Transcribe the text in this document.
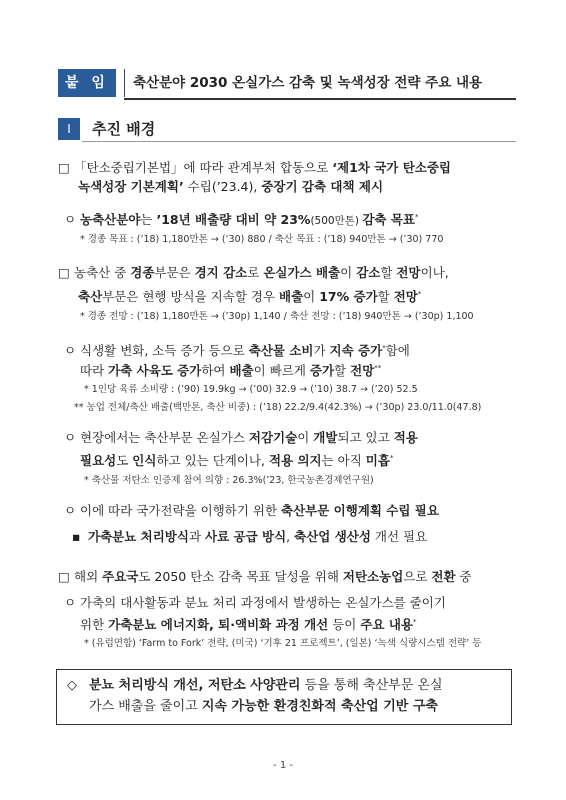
붙 임	축산분야 2030 온실가스 감축 및 녹색성장 전략 주요 내용
Ⅰ	추진 배경
□ 「탄소중립기본법」에 따라 관계부처 합동으로 ‘제1차 국가 탄소중립
녹색성장 기본계획’ 수립(’23.4), 중장기 감축 대책 제시
ㅇ 농축산분야는 ’18년 배출량 대비 약 23%(500만톤) 감축 목표*
* 경종 목표 : (’18) 1,180만톤 → (’30) 880 / 축산 목표 : (’18) 940만톤 → (’30) 770
□ 농축산 중 경종부문은 경지 감소로 온실가스 배출이 감소할 전망이나,
축산부문은 현행 방식을 지속할 경우 배출이 17% 증가할 전망*
* 경종 전망 : (’18) 1,180만톤 → (’30p) 1,140 / 축산 전망 : (’18) 940만톤 → (’30p) 1,100
ㅇ 식생활 변화, 소득 증가 등으로 축산물 소비가 지속 증가*함에
따라 가축 사육도 증가하여 배출이 빠르게 증가할 전망**
* 1인당 육류 소비량 : (’90) 19.9kg → (’00) 32.9 → (’10) 38.7 → (’20) 52.5
** 농업 전체/축산 배출(백만톤, 축산 비중) : (’18) 22.2/9.4(42.3%) → (’30p) 23.0/11.0(47.8)
ㅇ 현장에서는 축산부문 온실가스 저감기술이 개발되고 있고 적용
필요성도 인식하고 있는 단계이나, 적용 의지는 아직 미흡*
* 축산물 저탄소 인증제 참여 의향 : 26.3%(’23, 한국농촌경제연구원)
ㅇ 이에 따라 국가전략을 이행하기 위한 축산부문 이행계획 수립 필요
▪ 가축분뇨 처리방식과 사료 공급 방식, 축산업 생산성 개선 필요
□ 해외 주요국도 2050 탄소 감축 목표 달성을 위해 저탄소농업으로 전환 중
ㅇ 가축의 대사활동과 분뇨 처리 과정에서 발생하는 온실가스를 줄이기
위한 가축분뇨 에너지화, 퇴·액비화 과정 개선 등이 주요 내용*
* (유럽연합) ‘Farm to Fork’ 전략, (미국) ‘기후 21 프로젝트’, (일본) ‘녹색 식량시스템 전략’ 등
◇ 분뇨 처리방식 개선, 저탄소 사양관리 등을 통해 축산부문 온실
가스 배출을 줄이고 지속 가능한 환경친화적 축산업 기반 구축
- 1 -
